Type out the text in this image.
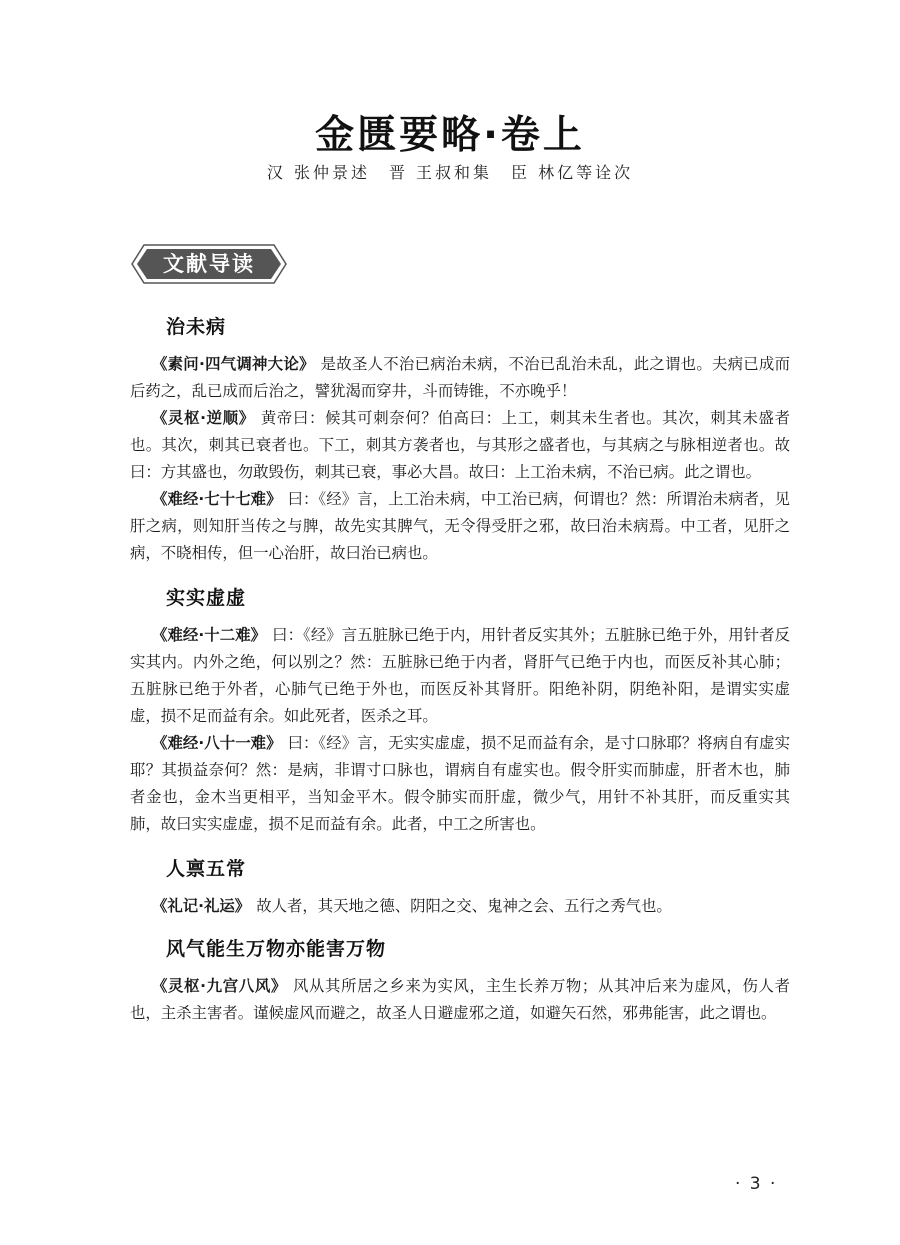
金匮要略·卷上
汉 张仲景述　晋 王叔和集　臣 林亿等诠次
文献导读
治未病

《素问·四气调神大论》 是故圣人不治已病治未病，不治已乱治未乱，此之谓也。夫病已成而后药之，乱已成而后治之，譬犹渴而穿井，斗而铸锥，不亦晚乎！

《灵枢·逆顺》 黄帝曰：候其可刺奈何？伯高曰：上工，刺其未生者也。其次，刺其未盛者也。其次，刺其已衰者也。下工，刺其方袭者也，与其形之盛者也，与其病之与脉相逆者也。故曰：方其盛也，勿敢毁伤，刺其已衰，事必大昌。故曰：上工治未病，不治已病。此之谓也。

《难经·七十七难》 曰：《经》言，上工治未病，中工治已病，何谓也？然：所谓治未病者，见肝之病，则知肝当传之与脾，故先实其脾气，无令得受肝之邪，故曰治未病焉。中工者，见肝之病，不晓相传，但一心治肝，故曰治已病也。

实实虚虚

《难经·十二难》 曰：《经》言五脏脉已绝于内，用针者反实其外；五脏脉已绝于外，用针者反实其内。内外之绝，何以别之？然：五脏脉已绝于内者，肾肝气已绝于内也，而医反补其心肺；五脏脉已绝于外者，心肺气已绝于外也，而医反补其肾肝。阳绝补阴，阴绝补阳，是谓实实虚虚，损不足而益有余。如此死者，医杀之耳。

《难经·八十一难》 曰：《经》言，无实实虚虚，损不足而益有余，是寸口脉耶？将病自有虚实耶？其损益奈何？然：是病，非谓寸口脉也，谓病自有虚实也。假令肝实而肺虚，肝者木也，肺者金也，金木当更相平，当知金平木。假令肺实而肝虚，微少气，用针不补其肝，而反重实其肺，故曰实实虚虚，损不足而益有余。此者，中工之所害也。

人禀五常

《礼记·礼运》 故人者，其天地之德、阴阳之交、鬼神之会、五行之秀气也。

风气能生万物亦能害万物

《灵枢·九宫八风》 风从其所居之乡来为实风，主生长养万物；从其冲后来为虚风，伤人者也，主杀主害者。谨候虚风而避之，故圣人日避虚邪之道，如避矢石然，邪弗能害，此之谓也。

· 3 ·
